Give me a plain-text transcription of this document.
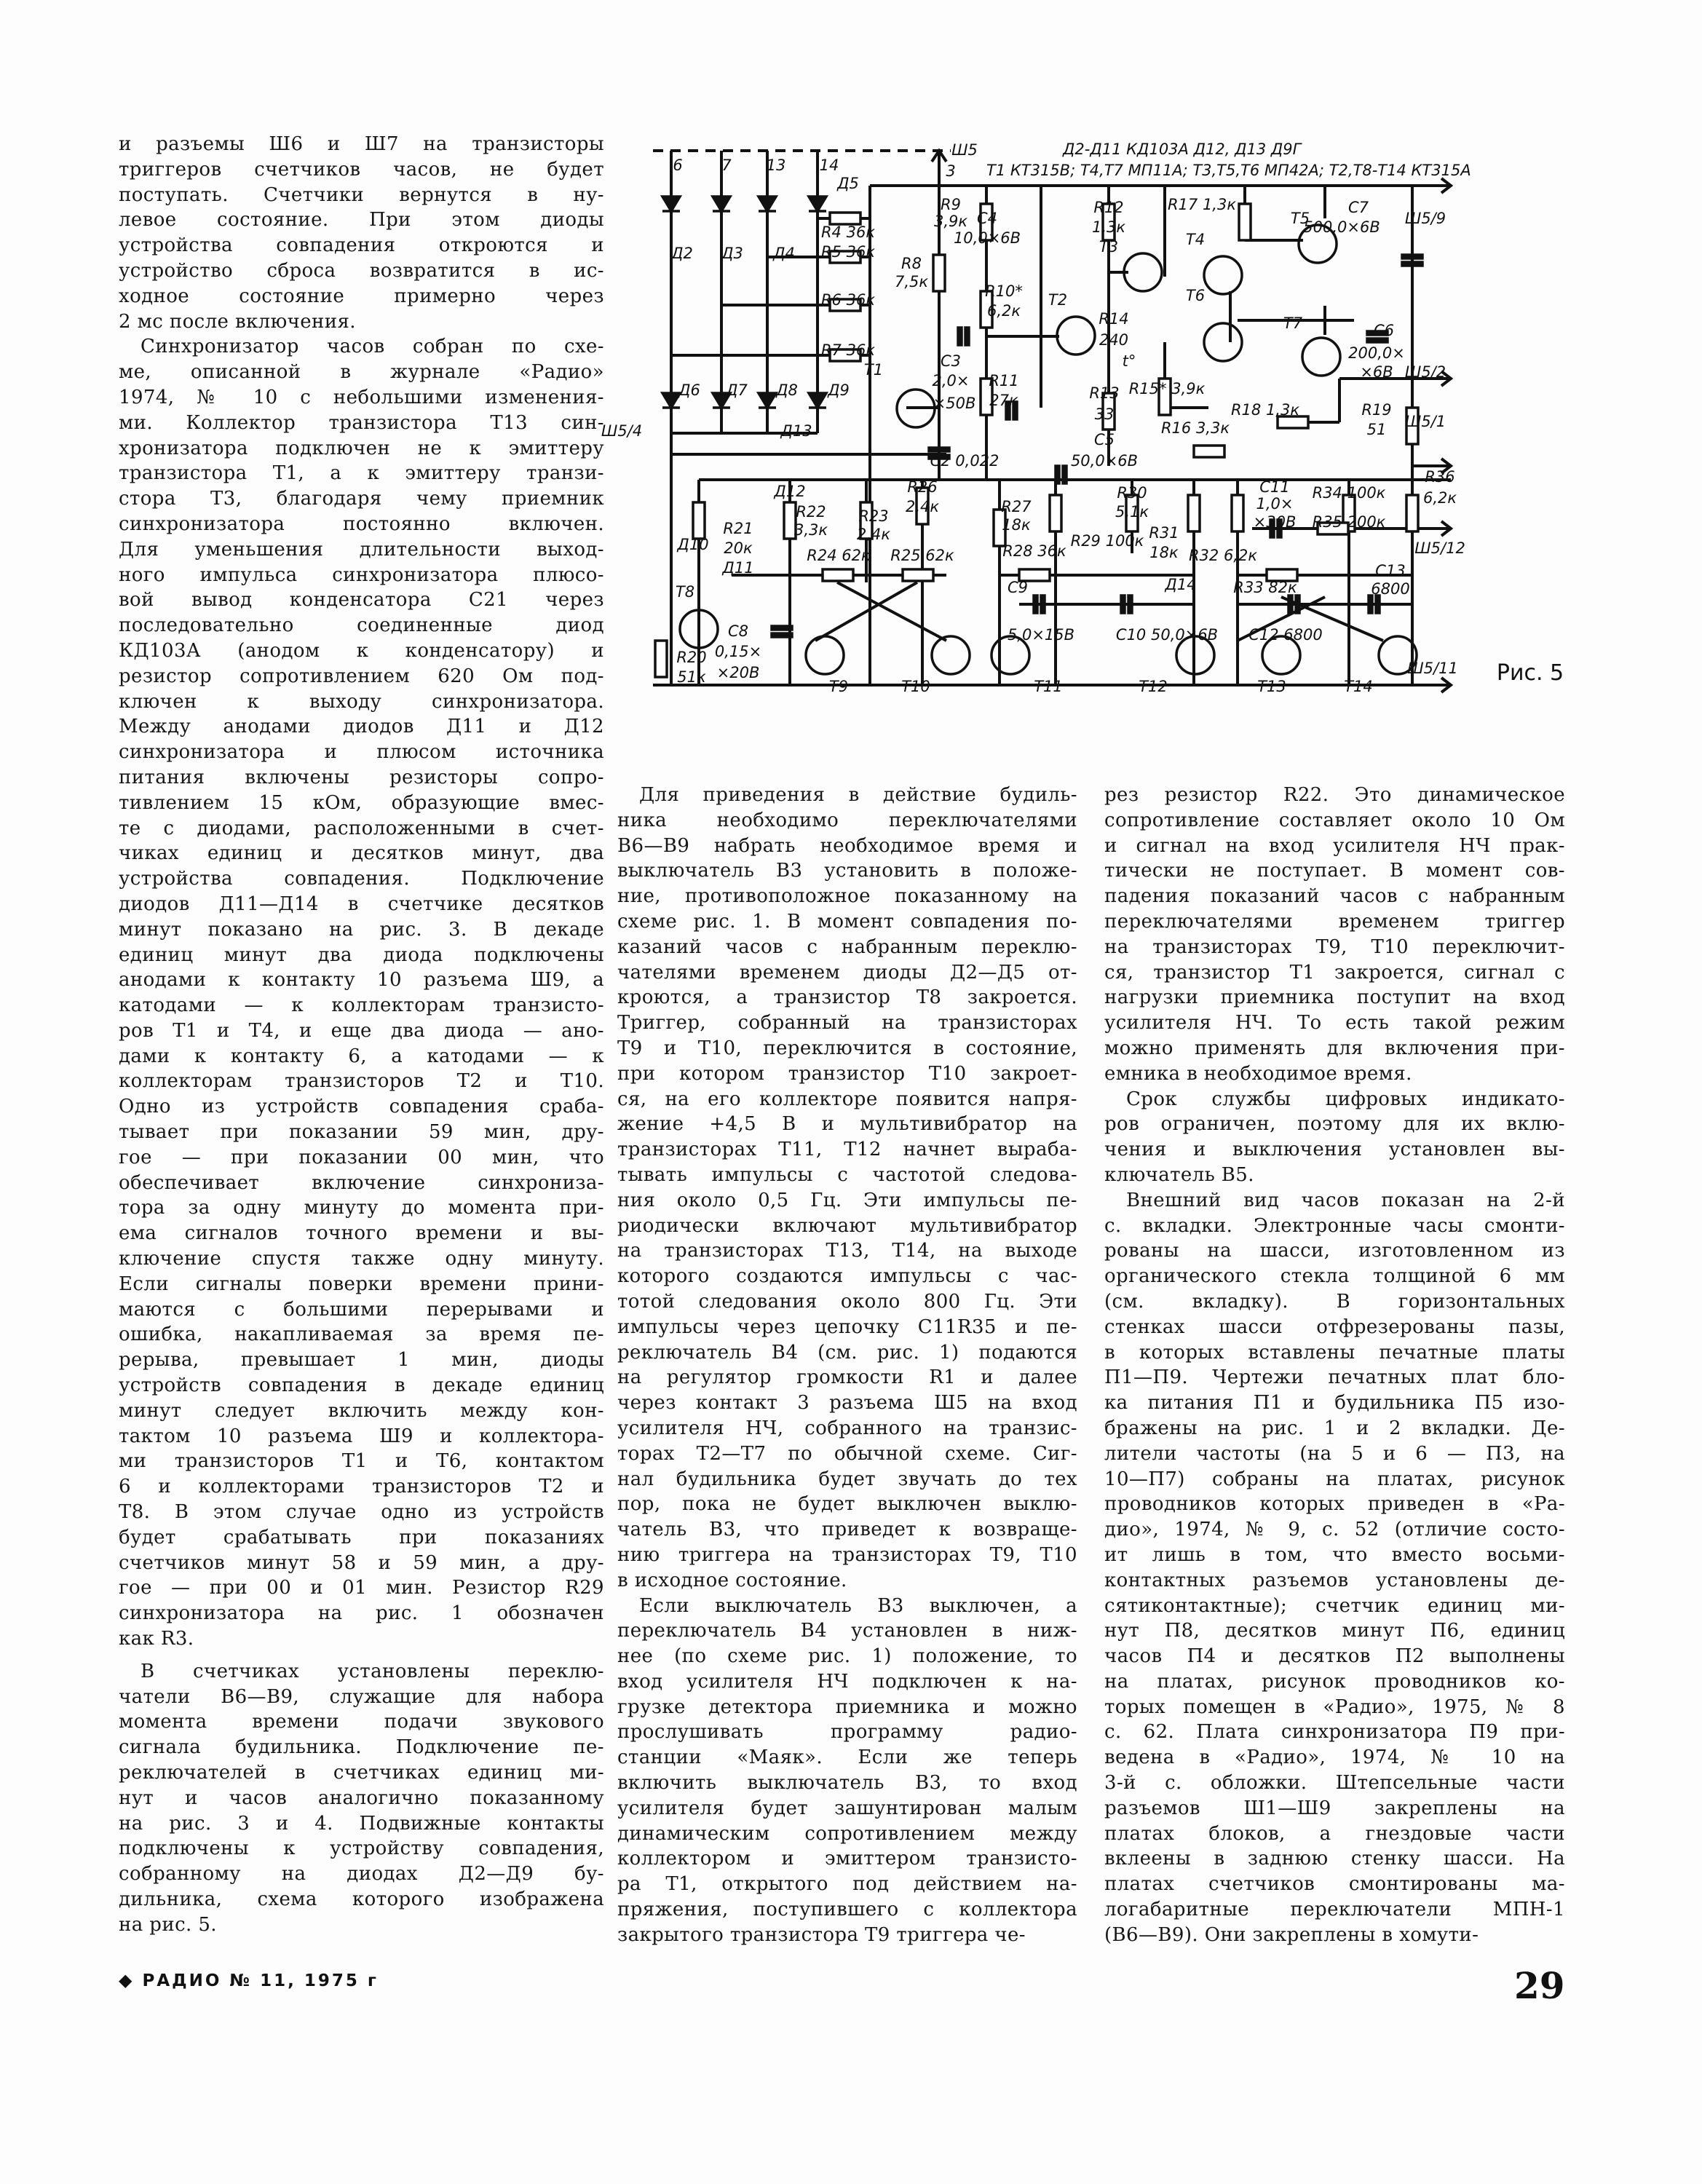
Д2-Д11 КД103А Д12, Д13 Д9Г
Т1 КТ315В; Т4,Т7 МП11А; Т3,Т5,Т6 МП42А; Т2,Т8-Т14 КТ315А
6	7 13 14
Ш5
3
Д2 Д3 Д4
Д5
R4 36к
R5 36к
R6 36к
R7 36к
R8
7,5к
R9
3,9к С4
10,0×6В
R10*
6,2к
Т2
R12
1,3к
Т3
R17 1,3к
Т4
Т5
С7
500,0×6В Ш5/9
R14
240
Т6
Т7	С6
200,0×
×6В Ш5/2
Т1	С3
2,0×
×50В
R11
27к	R13
33
R15* 3,9к
R16 3,3к
R18 1,3к	R19
51 Ш5/1
Д6 Д7 Д8 Д9
Ш5/4	Д13
С2 0,022
С5
50,0×6В
Д12
R22
3,3к
R26
2,4к
R23
2,4к
R27
18к
R30
5,1к
R29 100к R31
18к R32 6,2к
С11
1,0×
×30В
R34 100к
R35 200к
R36
6,2к
Ш5/12
Д10
R21
20к
Д11
Т8
R24 62к R25 62к	R28 36к
С9	Д14 R33 82к
С13
6800
С8
0,15×
×20В
5,0×15В	С10 50,0×6В С12 6800
R20
51к
Т9	Т10	Т11	Т12	Т13	Т14
Ш5/11
t°
Рис. 5
и разъемы Ш6 и Ш7 на транзисторы
триггеров счетчиков часов, не будет
поступать. Счетчики вернутся в ну-
левое состояние. При этом диоды
устройства совпадения откроются и
устройство сброса возвратится в ис-
ходное состояние примерно через
2 мс после включения.
Синхронизатор часов собран по схе-
ме, описанной в журнале «Радио»
1974, № 10 с небольшими изменения-
ми. Коллектор транзистора Т13 син-
хронизатора подключен не к эмиттеру
транзистора Т1, а к эмиттеру транзи-
стора Т3, благодаря чему приемник
синхронизатора постоянно включен.
Для уменьшения длительности выход-
ного импульса синхронизатора плюсо-
вой вывод конденсатора С21 через
последовательно соединенные диод
КД103А (анодом к конденсатору) и
резистор сопротивлением 620 Ом под-
ключен к выходу синхронизатора.
Между анодами диодов Д11 и Д12
синхронизатора и плюсом источника
питания включены резисторы сопро-
тивлением 15 кОм, образующие вмес-
те с диодами, расположенными в счет-
чиках единиц и десятков минут, два
устройства совпадения. Подключение
диодов Д11—Д14 в счетчике десятков
минут показано на рис. 3. В декаде
единиц минут два диода подключены
анодами к контакту 10 разъема Ш9, а
катодами — к коллекторам транзисто-
ров Т1 и Т4, и еще два диода — ано-
дами к контакту 6, а катодами — к
коллекторам транзисторов Т2 и Т10.
Одно из устройств совпадения сраба-
тывает при показании 59 мин, дру-
гое — при показании 00 мин, что
обеспечивает включение синхрониза-
тора за одну минуту до момента при-
ема сигналов точного времени и вы-
ключение спустя также одну минуту.
Если сигналы поверки времени прини-
маются с большими перерывами и
ошибка, накапливаемая за время пе-
рерыва, превышает 1 мин, диоды
устройств совпадения в декаде единиц
минут следует включить между кон-
тактом 10 разъема Ш9 и коллектора-
ми транзисторов Т1 и Т6, контактом
6 и коллекторами транзисторов Т2 и
Т8. В этом случае одно из устройств
будет срабатывать при показаниях
счетчиков минут 58 и 59 мин, а дру-
гое — при 00 и 01 мин. Резистор R29
синхронизатора на рис. 1 обозначен
как R3.
В счетчиках установлены переклю-
чатели В6—В9, служащие для набора
момента времени подачи звукового
сигнала будильника. Подключение пе-
реключателей в счетчиках единиц ми-
нут и часов аналогично показанному
на рис. 3 и 4. Подвижные контакты
подключены к устройству совпадения,
собранному на диодах Д2—Д9 бу-
дильника, схема которого изображена
на рис. 5.
Для приведения в действие будиль-
ника необходимо переключателями
В6—В9 набрать необходимое время и
выключатель В3 установить в положе-
ние, противоположное показанному на
схеме рис. 1. В момент совпадения по-
казаний часов с набранным переклю-
чателями временем диоды Д2—Д5 от-
кроются, а транзистор Т8 закроется.
Триггер, собранный на транзисторах
Т9 и Т10, переключится в состояние,
при котором транзистор Т10 закроет-
ся, на его коллекторе появится напря-
жение +4,5 В и мультивибратор на
транзисторах Т11, Т12 начнет выраба-
тывать импульсы с частотой следова-
ния около 0,5 Гц. Эти импульсы пе-
риодически включают мультивибратор
на транзисторах Т13, Т14, на выходе
которого создаются импульсы с час-
тотой следования около 800 Гц. Эти
импульсы через цепочку С11R35 и пе-
реключатель В4 (см. рис. 1) подаются
на регулятор громкости R1 и далее
через контакт 3 разъема Ш5 на вход
усилителя НЧ, собранного на транзис-
торах Т2—Т7 по обычной схеме. Сиг-
нал будильника будет звучать до тех
пор, пока не будет выключен выклю-
чатель В3, что приведет к возвраще-
нию триггера на транзисторах Т9, Т10
в исходное состояние.
Если выключатель В3 выключен, а
переключатель В4 установлен в ниж-
нее (по схеме рис. 1) положение, то
вход усилителя НЧ подключен к на-
грузке детектора приемника и можно
прослушивать программу радио-
станции «Маяк». Если же теперь
включить выключатель В3, то вход
усилителя будет зашунтирован малым
динамическим сопротивлением между
коллектором и эмиттером транзисто-
ра Т1, открытого под действием на-
пряжения, поступившего с коллектора
закрытого транзистора Т9 триггера че-
рез резистор R22. Это динамическое
сопротивление составляет около 10 Ом
и сигнал на вход усилителя НЧ прак-
тически не поступает. В момент сов-
падения показаний часов с набранным
переключателями временем триггер
на транзисторах Т9, Т10 переключит-
ся, транзистор Т1 закроется, сигнал с
нагрузки приемника поступит на вход
усилителя НЧ. То есть такой режим
можно применять для включения при-
емника в необходимое время.
Срок службы цифровых индикато-
ров ограничен, поэтому для их вклю-
чения и выключения установлен вы-
ключатель В5.
Внешний вид часов показан на 2-й
с. вкладки. Электронные часы смонти-
рованы на шасси, изготовленном из
органического стекла толщиной 6 мм
(см. вкладку). В горизонтальных
стенках шасси отфрезерованы пазы,
в которых вставлены печатные платы
П1—П9. Чертежи печатных плат бло-
ка питания П1 и будильника П5 изо-
бражены на рис. 1 и 2 вкладки. Де-
лители частоты (на 5 и 6 — П3, на
10—П7) собраны на платах, рисунок
проводников которых приведен в «Ра-
дио», 1974, № 9, с. 52 (отличие состо-
ит лишь в том, что вместо восьми-
контактных разъемов установлены де-
сятиконтактные); счетчик единиц ми-
нут П8, десятков минут П6, единиц
часов П4 и десятков П2 выполнены
на платах, рисунок проводников ко-
торых помещен в «Радио», 1975, № 8
с. 62. Плата синхронизатора П9 при-
ведена в «Радио», 1974, № 10 на
3-й с. обложки. Штепсельные части
разъемов Ш1—Ш9 закреплены на
платах блоков, а гнездовые части
вклеены в заднюю стенку шасси. На
платах счетчиков смонтированы ма-
логабаритные переключатели МПН-1
(В6—В9). Они закреплены в хомути-
◆ РАДИО № 11, 1975 г	29
